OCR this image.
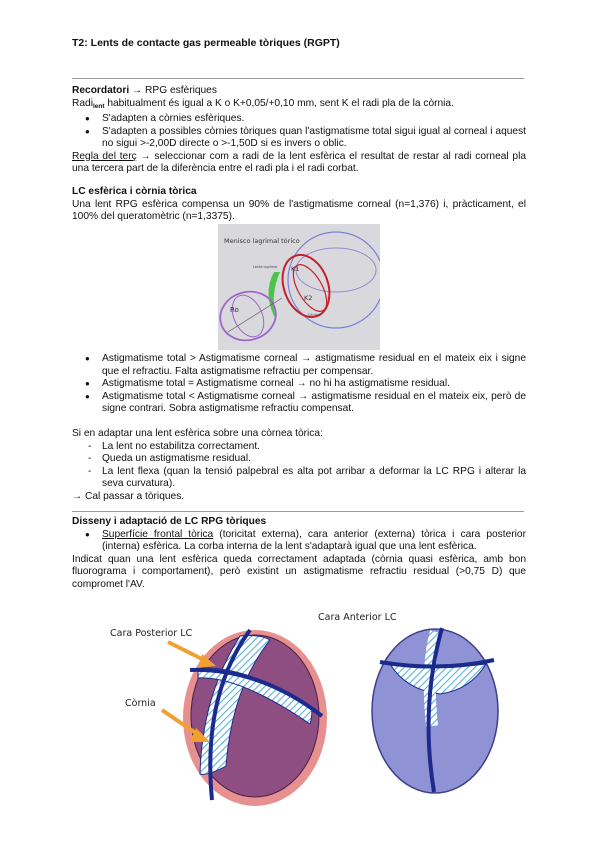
T2: Lents de contacte gas permeable tòriques (RGPT)
Recordatori → RPG esfèriques
Radi$_{lent}$ habitualment és igual a K o K+0,05/+0,10 mm, sent K el radi pla de la còrnia.
● S'adapten a còrnies esfèriques.
● S'adapten a possibles còrnies tòriques quan l'astigmatisme total sigui igual al corneal i aquest no sigui >-2,00D directe o >-1,50D si es invers o oblic.
Regla del terç → seleccionar com a radi de la lent esfèrica el resultat de restar al radi corneal pla una tercera part de la diferència entre el radi pla i el radi corbat.
LC esfèrica i còrnia tòrica
Una lent RPG esfèrica compensa un 90% de l'astigmatisme corneal (n=1,376) i, pràcticament, el 100% del queratomètric (n=1,3375).
Menisco lagrimal tórico
K1
K2
Ro
Lente lagrimal
Córnea
● Astigmatisme total > Astigmatisme corneal → astigmatisme residual en el mateix eix i signe que el refractiu. Falta astigmatisme refractiu per compensar.
● Astigmatisme total = Astigmatisme corneal → no hi ha astigmatisme residual.
● Astigmatisme total < Astigmatisme corneal → astigmatisme residual en el mateix eix, però de signe contrari. Sobra astigmatisme refractiu compensat.
Si en adaptar una lent esfèrica sobre una còrnea tòrica:
- La lent no estabilitza correctament.
- Queda un astigmatisme residual.
- La lent flexa (quan la tensió palpebral es alta pot arribar a deformar la LC RPG i alterar la seva curvatura).
→ Cal passar a tòriques.
Disseny i adaptació de LC RPG tòriques
● Superfície frontal tòrica (toricitat externa), cara anterior (externa) tòrica i cara posterior (interna) esfèrica. La corba interna de la lent s'adaptarà igual que una lent esfèrica.
Indicat quan una lent esfèrica queda correctament adaptada (còrnia quasi esfèrica, amb bon fluorograma i comportament), però existint un astigmatisme refractiu residual (>0,75 D) que compromet l'AV.
Cara Posterior LC
Còrnia
Cara Anterior LC
